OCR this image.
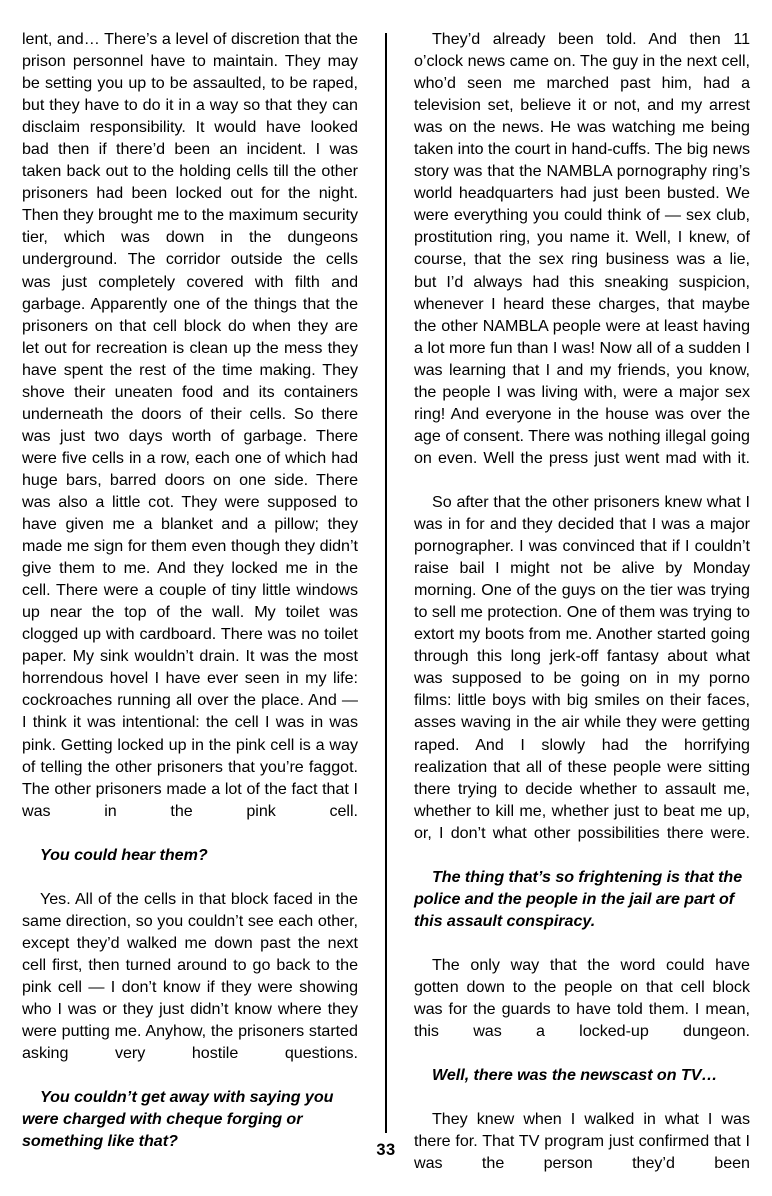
lent, and… There’s a level of discretion that the prison personnel have to maintain. They may be setting you up to be assaulted, to be raped, but they have to do it in a way so that they can disclaim responsibility. It would have looked bad then if there’d been an incident. I was taken back out to the holding cells till the other prisoners had been locked out for the night. Then they brought me to the maximum security tier, which was down in the dungeons underground. The corridor outside the cells was just completely covered with filth and garbage. Apparently one of the things that the prisoners on that cell block do when they are let out for recreation is clean up the mess they have spent the rest of the time making. They shove their uneaten food and its containers underneath the doors of their cells. So there was just two days worth of garbage. There were five cells in a row, each one of which had huge bars, barred doors on one side. There was also a little cot. They were supposed to have given me a blanket and a pillow; they made me sign for them even though they didn’t give them to me. And they locked me in the cell. There were a couple of tiny little windows up near the top of the wall. My toilet was clogged up with cardboard. There was no toilet paper. My sink wouldn’t drain. It was the most horrendous hovel I have ever seen in my life: cockroaches running all over the place. And — I think it was intentional: the cell I was in was pink. Getting locked up in the pink cell is a way of telling the other prisoners that you’re faggot. The other prisoners made a lot of the fact that I was in the pink cell.

You could hear them?

Yes. All of the cells in that block faced in the same direction, so you couldn’t see each other, except they’d walked me down past the next cell first, then turned around to go back to the pink cell — I don’t know if they were showing who I was or they just didn’t know where they were putting me. Anyhow, the prisoners started asking very hostile questions.

You couldn’t get away with saying you were charged with cheque forging or something like that?

They’d already been told. And then 11 o’clock news came on. The guy in the next cell, who’d seen me marched past him, had a television set, believe it or not, and my arrest was on the news. He was watching me being taken into the court in hand-cuffs. The big news story was that the NAMBLA pornography ring’s world headquarters had just been busted. We were everything you could think of — sex club, prostitution ring, you name it. Well, I knew, of course, that the sex ring business was a lie, but I’d always had this sneaking suspicion, whenever I heard these charges, that maybe the other NAMBLA people were at least having a lot more fun than I was! Now all of a sudden I was learning that I and my friends, you know, the people I was living with, were a major sex ring! And everyone in the house was over the age of consent. There was nothing illegal going on even. Well the press just went mad with it.

So after that the other prisoners knew what I was in for and they decided that I was a major pornographer. I was convinced that if I couldn’t raise bail I might not be alive by Monday morning. One of the guys on the tier was trying to sell me protection. One of them was trying to extort my boots from me. Another started going through this long jerk-off fantasy about what was supposed to be going on in my porno films: little boys with big smiles on their faces, asses waving in the air while they were getting raped. And I slowly had the horrifying realization that all of these people were sitting there trying to decide whether to assault me, whether to kill me, whether just to beat me up, or, I don’t what other possibilities there were.

The thing that’s so frightening is that the police and the people in the jail are part of this assault conspiracy.

The only way that the word could have gotten down to the people on that cell block was for the guards to have told them. I mean, this was a locked-up dungeon.

Well, there was the newscast on TV…

They knew when I walked in what I was there for. That TV program just confirmed that I was the person they’d been

33
